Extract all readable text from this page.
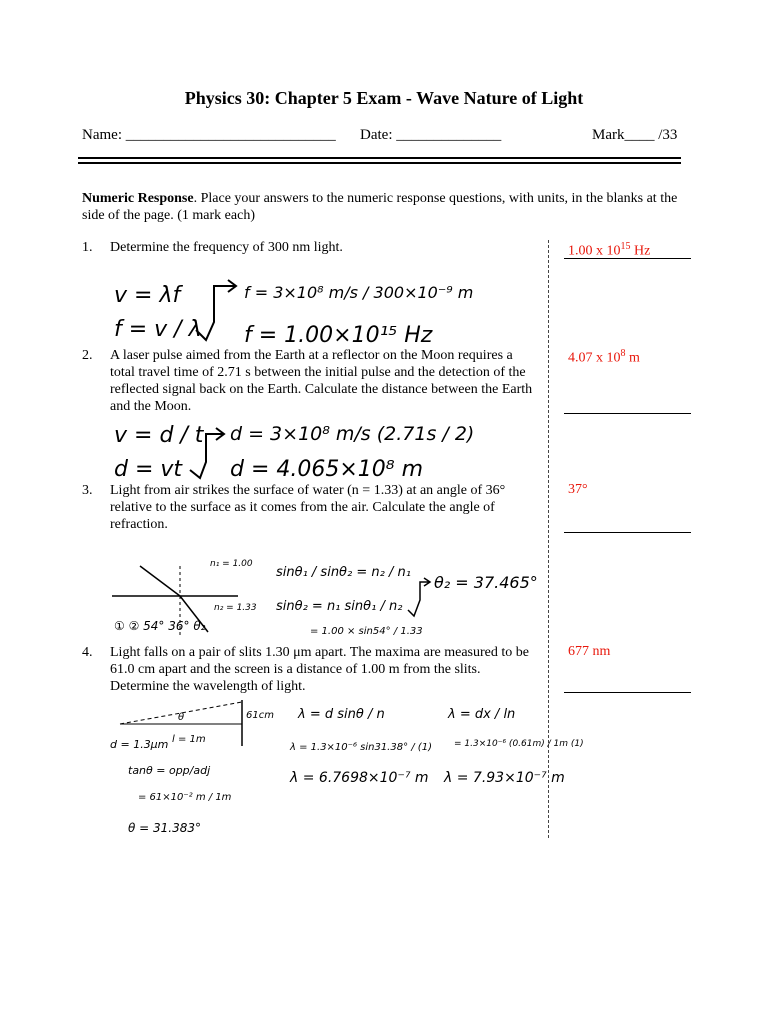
Physics 30: Chapter 5 Exam - Wave Nature of Light
Name: ____________________________ Date: ______________	Mark____ /33
Numeric Response. Place your answers to the numeric response questions, with units, in the blanks at the side of the page. (1 mark each)
1. Determine the frequency of 300 nm light.	1.00 x $10^{15}$ Hz
v = λf
f = v / λ
f = 3×10⁸ m/s / 300×10⁻⁹ m
f = 1.00×10¹⁵ Hz
2. A laser pulse aimed from the Earth at a reflector on the Moon requires a total travel time of 2.71 s between the initial pulse and the detection of the reflected signal back on the Earth. Calculate the distance between the Earth and the Moon.
4.07 x $10^8$ m
v = d / t
d = vt
d = 3×10⁸ m/s (2.71s / 2)
d = 4.065×10⁸ m
3. Light from air strikes the surface of water (n = 1.33) at an angle of 36° relative to the surface as it comes from the air. Calculate the angle of refraction.
37°
① ② 54° 36° θ₂
n₁ = 1.00
n₂ = 1.33
sinθ₁ / sinθ₂ = n₂ / n₁
sinθ₂ = n₁ sinθ₁ / n₂
= 1.00 × sin54° / 1.33
θ₂ = 37.465°
4. Light falls on a pair of slits 1.30 μm apart. The maxima are measured to be 61.0 cm apart and the screen is a distance of 1.00 m from the slits. Determine the wavelength of light.
677 nm
θ	61cm
l = 1m
d = 1.3μm
tanθ = opp/adj
= 61×10⁻² m / 1m
θ = 31.383°
λ = d sinθ / n
λ = 1.3×10⁻⁶ sin31.38° / (1)
λ = 6.7698×10⁻⁷ m
λ = dx / ln
= 1.3×10⁻⁶ (0.61m) / 1m (1)
λ = 7.93×10⁻⁷ m
